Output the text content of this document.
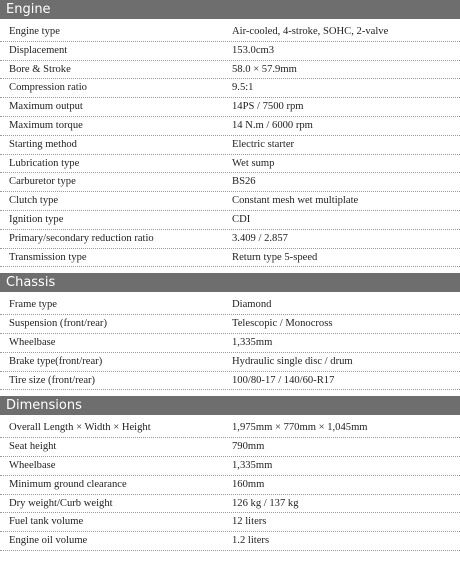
Engine
Engine type	Air-cooled, 4-stroke, SOHC, 2-valve
Displacement	153.0cm3
Bore & Stroke	58.0 × 57.9mm
Compression ratio	9.5:1
Maximum output	14PS / 7500 rpm
Maximum torque	14 N.m / 6000 rpm
Starting method	Electric starter
Lubrication type	Wet sump
Carburetor type	BS26
Clutch type	Constant mesh wet multiplate
Ignition type	CDI
Primary/secondary reduction ratio	3.409 / 2.857
Transmission type	Return type 5-speed
Chassis
Frame type	Diamond
Suspension (front/rear)	Telescopic / Monocross
Wheelbase	1,335mm
Brake type(front/rear)	Hydraulic single disc / drum
Tire size (front/rear)	100/80-17 / 140/60-R17
Dimensions
Overall Length × Width × Height	1,975mm × 770mm × 1,045mm
Seat height	790mm
Wheelbase	1,335mm
Minimum ground clearance	160mm
Dry weight/Curb weight	126 kg / 137 kg
Fuel tank volume	12 liters
Engine oil volume	1.2 liters
